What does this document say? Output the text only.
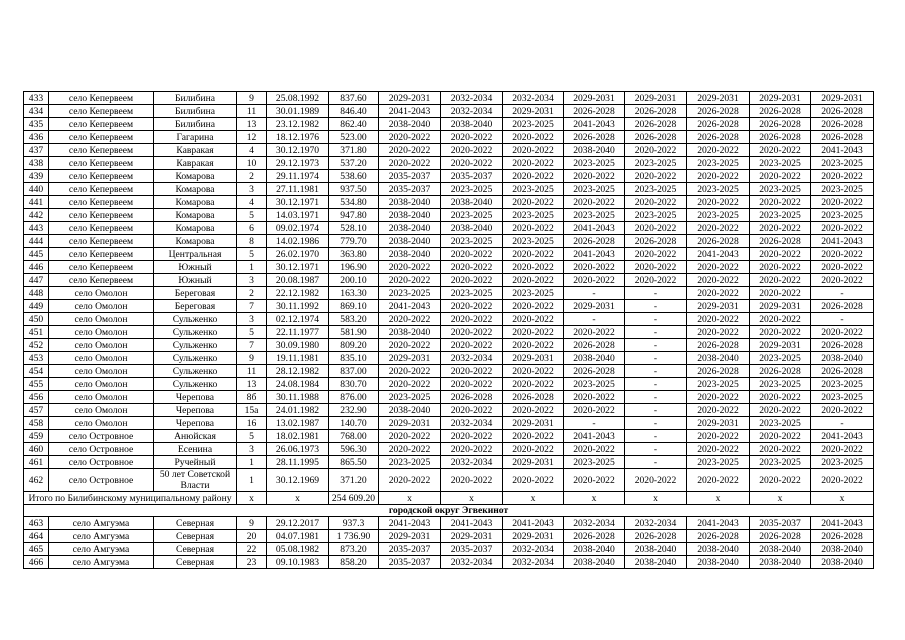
433	село Кепервеем	Билибина	9	25.08.1992	837.60	2029-2031	2032-2034	2032-2034	2029-2031	2029-2031	2029-2031	2029-2031	2029-2031
434	село Кепервеем	Билибина	11	30.01.1989	846.40	2041-2043	2032-2034	2029-2031	2026-2028	2026-2028	2026-2028	2026-2028	2026-2028
435	село Кепервеем	Билибина	13	23.12.1982	862.40	2038-2040	2038-2040	2023-2025	2041-2043	2026-2028	2026-2028	2026-2028	2026-2028
436	село Кепервеем	Гагарина	12	18.12.1976	523.00	2020-2022	2020-2022	2020-2022	2026-2028	2026-2028	2026-2028	2026-2028	2026-2028
437	село Кепервеем	Кавракая	4	30.12.1970	371.80	2020-2022	2020-2022	2020-2022	2038-2040	2020-2022	2020-2022	2020-2022	2041-2043
438	село Кепервеем	Кавракая	10	29.12.1973	537.20	2020-2022	2020-2022	2020-2022	2023-2025	2023-2025	2023-2025	2023-2025	2023-2025
439	село Кепервеем	Комарова	2	29.11.1974	538.60	2035-2037	2035-2037	2020-2022	2020-2022	2020-2022	2020-2022	2020-2022	2020-2022
440	село Кепервеем	Комарова	3	27.11.1981	937.50	2035-2037	2023-2025	2023-2025	2023-2025	2023-2025	2023-2025	2023-2025	2023-2025
441	село Кепервеем	Комарова	4	30.12.1971	534.80	2038-2040	2038-2040	2020-2022	2020-2022	2020-2022	2020-2022	2020-2022	2020-2022
442	село Кепервеем	Комарова	5	14.03.1971	947.80	2038-2040	2023-2025	2023-2025	2023-2025	2023-2025	2023-2025	2023-2025	2023-2025
443	село Кепервеем	Комарова	6	09.02.1974	528.10	2038-2040	2038-2040	2020-2022	2041-2043	2020-2022	2020-2022	2020-2022	2020-2022
444	село Кепервеем	Комарова	8	14.02.1986	779.70	2038-2040	2023-2025	2023-2025	2026-2028	2026-2028	2026-2028	2026-2028	2041-2043
445	село Кепервеем	Центральная	5	26.02.1970	363.80	2038-2040	2020-2022	2020-2022	2041-2043	2020-2022	2041-2043	2020-2022	2020-2022
446	село Кепервеем	Южный	1	30.12.1971	196.90	2020-2022	2020-2022	2020-2022	2020-2022	2020-2022	2020-2022	2020-2022	2020-2022
447	село Кепервеем	Южный	3	20.08.1987	200.10	2020-2022	2020-2022	2020-2022	2020-2022	2020-2022	2020-2022	2020-2022	2020-2022
448	село Омолон	Береговая	2	22.12.1982	163.30	2023-2025	2023-2025	2023-2025	-	-	2020-2022	2020-2022	-
449	село Омолон	Береговая	7	30.11.1992	869.10	2041-2043	2020-2022	2020-2022	2029-2031	-	2029-2031	2029-2031	2026-2028
450	село Омолон	Сульженко	3	02.12.1974	583.20	2020-2022	2020-2022	2020-2022	-	-	2020-2022	2020-2022	-
451	село Омолон	Сульженко	5	22.11.1977	581.90	2038-2040	2020-2022	2020-2022	2020-2022	-	2020-2022	2020-2022	2020-2022
452	село Омолон	Сульженко	7	30.09.1980	809.20	2020-2022	2020-2022	2020-2022	2026-2028	-	2026-2028	2029-2031	2026-2028
453	село Омолон	Сульженко	9	19.11.1981	835.10	2029-2031	2032-2034	2029-2031	2038-2040	-	2038-2040	2023-2025	2038-2040
454	село Омолон	Сульженко	11	28.12.1982	837.00	2020-2022	2020-2022	2020-2022	2026-2028	-	2026-2028	2026-2028	2026-2028
455	село Омолон	Сульженко	13	24.08.1984	830.70	2020-2022	2020-2022	2020-2022	2023-2025	-	2023-2025	2023-2025	2023-2025
456	село Омолон	Черепова	8б	30.11.1988	876.00	2023-2025	2026-2028	2026-2028	2020-2022	-	2020-2022	2020-2022	2023-2025
457	село Омолон	Черепова	15а	24.01.1982	232.90	2038-2040	2020-2022	2020-2022	2020-2022	-	2020-2022	2020-2022	2020-2022
458	село Омолон	Черепова	16	13.02.1987	140.70	2029-2031	2032-2034	2029-2031	-	-	2029-2031	2023-2025	-
459	село Островное	Анюйская	5	18.02.1981	768.00	2020-2022	2020-2022	2020-2022	2041-2043	-	2020-2022	2020-2022	2041-2043
460	село Островное	Есенина	3	26.06.1973	596.30	2020-2022	2020-2022	2020-2022	2020-2022	-	2020-2022	2020-2022	2020-2022
461	село Островное	Ручейный	1	28.11.1995	865.50	2023-2025	2032-2034	2029-2031	2023-2025	-	2023-2025	2023-2025	2023-2025
462	село Островное	50 лет Советской Власти	1	30.12.1969	371.20	2020-2022	2020-2022	2020-2022	2020-2022	2020-2022	2020-2022	2020-2022	2020-2022
Итого по Билибинскому муниципальному району			x	x	254 609.20	x	x	x	x	x	x	x	x
городской округ Эгвекинот													
463	село Амгуэма	Северная	9	29.12.2017	937.3	2041-2043	2041-2043	2041-2043	2032-2034	2032-2034	2041-2043	2035-2037	2041-2043
464	село Амгуэма	Северная	20	04.07.1981	1 736.90	2029-2031	2029-2031	2029-2031	2026-2028	2026-2028	2026-2028	2026-2028	2026-2028
465	село Амгуэма	Северная	22	05.08.1982	873.20	2035-2037	2035-2037	2032-2034	2038-2040	2038-2040	2038-2040	2038-2040	2038-2040
466	село Амгуэма	Северная	23	09.10.1983	858.20	2035-2037	2032-2034	2032-2034	2038-2040	2038-2040	2038-2040	2038-2040	2038-2040
